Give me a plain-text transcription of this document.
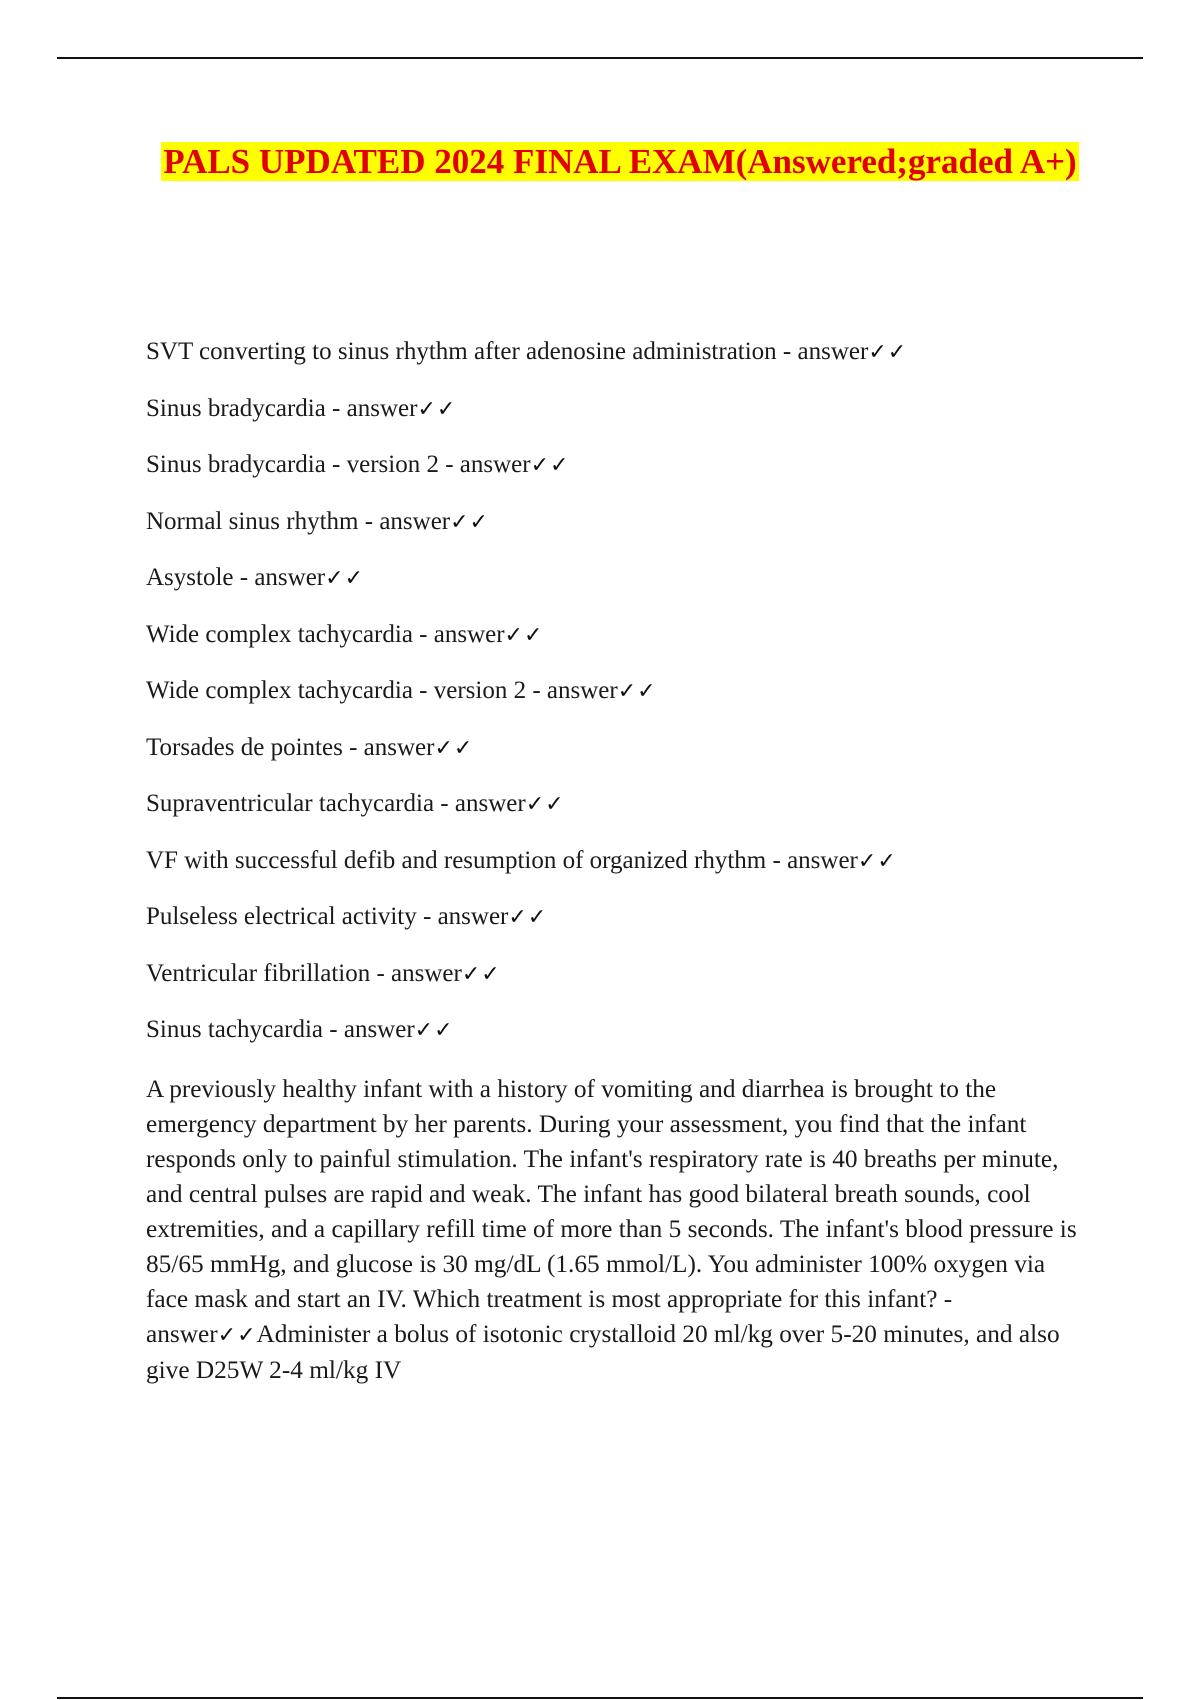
PALS UPDATED 2024 FINAL EXAM(Answered;graded A+)
SVT converting to sinus rhythm after adenosine administration - answer✓✓
Sinus bradycardia - answer✓✓
Sinus bradycardia - version 2 - answer✓✓
Normal sinus rhythm - answer✓✓
Asystole - answer✓✓
Wide complex tachycardia - answer✓✓
Wide complex tachycardia - version 2 - answer✓✓
Torsades de pointes - answer✓✓
Supraventricular tachycardia - answer✓✓
VF with successful defib and resumption of organized rhythm - answer✓✓
Pulseless electrical activity - answer✓✓
Ventricular fibrillation - answer✓✓
Sinus tachycardia - answer✓✓

A previously healthy infant with a history of vomiting and diarrhea is brought to the emergency department by her parents. During your assessment, you find that the infant responds only to painful stimulation. The infant's respiratory rate is 40 breaths per minute, and central pulses are rapid and weak. The infant has good bilateral breath sounds, cool extremities, and a capillary refill time of more than 5 seconds. The infant's blood pressure is 85/65 mmHg, and glucose is 30 mg/dL (1.65 mmol/L). You administer 100% oxygen via face mask and start an IV. Which treatment is most appropriate for this infant? - answer✓✓Administer a bolus of isotonic crystalloid 20 ml/kg over 5-20 minutes, and also give D25W 2-4 ml/kg IV
